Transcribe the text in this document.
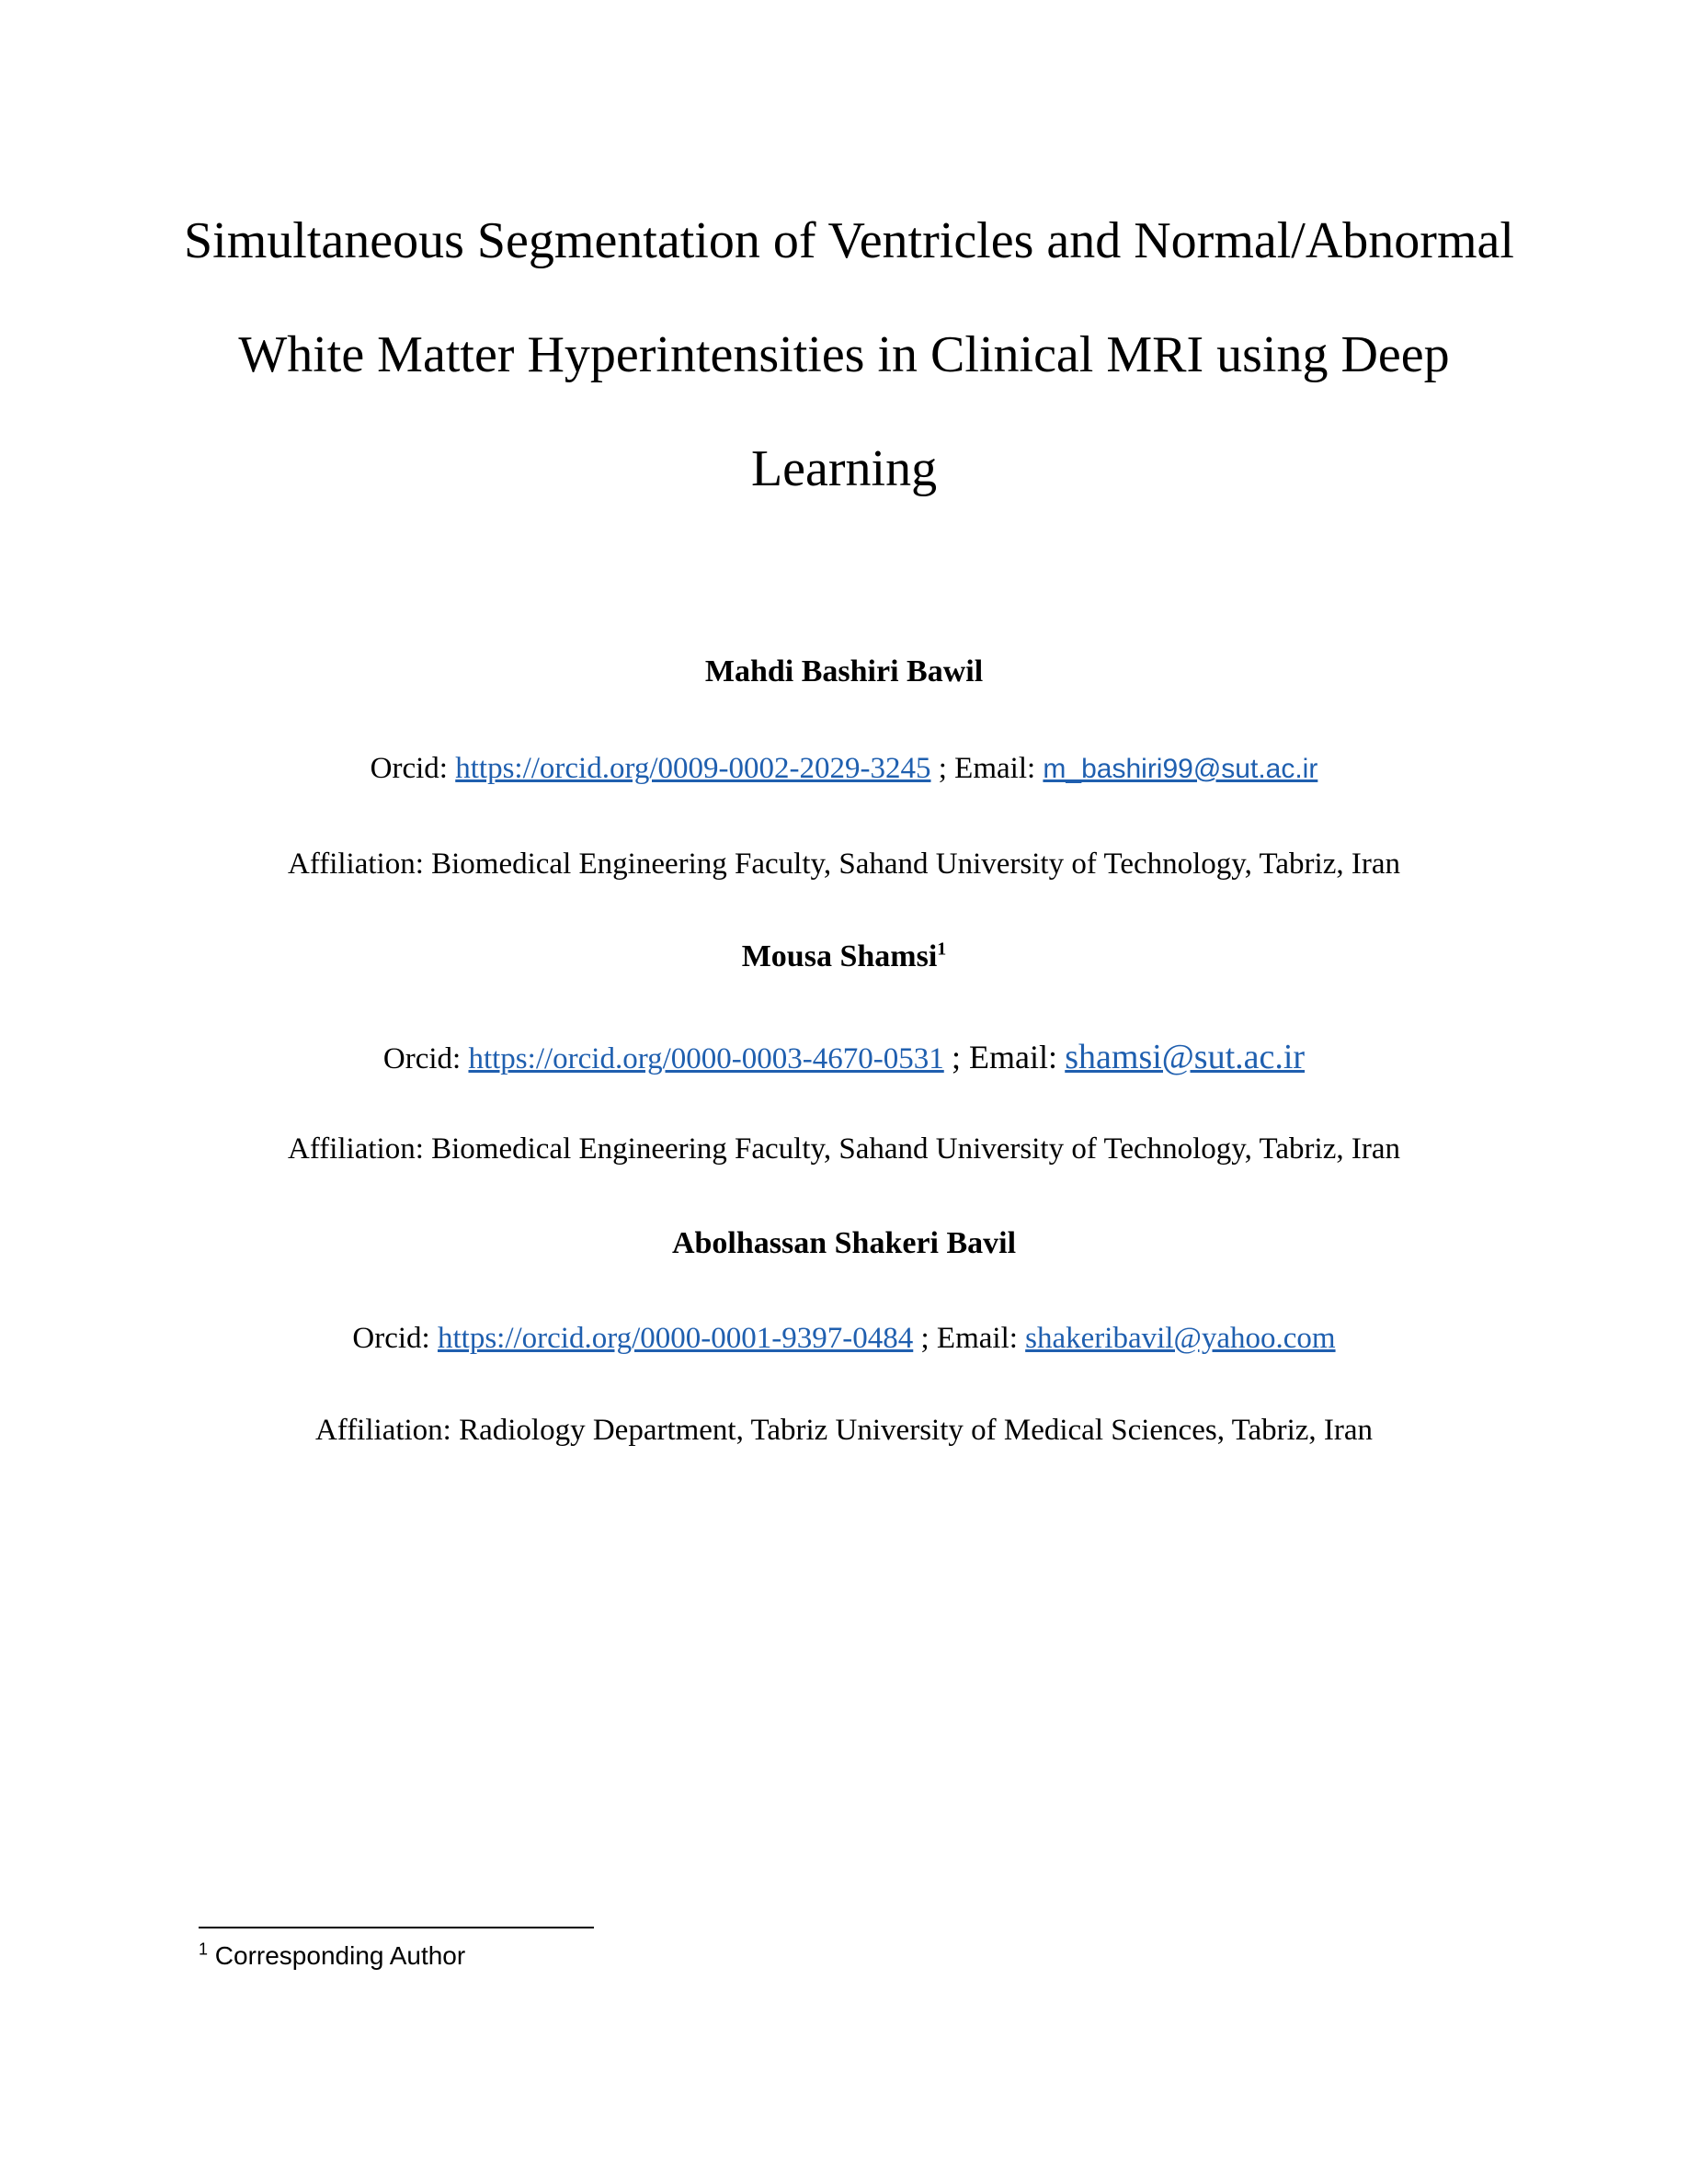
Simultaneous Segmentation of Ventricles and Normal/Abnormal
White Matter Hyperintensities in Clinical MRI using Deep
Learning
Mahdi Bashiri Bawil
Orcid: https://orcid.org/0009-0002-2029-3245 ; Email: m_bashiri99@sut.ac.ir
Affiliation: Biomedical Engineering Faculty, Sahand University of Technology, Tabriz, Iran
Mousa Shamsi$^1$
Orcid: https://orcid.org/0000-0003-4670-0531 ; Email: shamsi@sut.ac.ir
Affiliation: Biomedical Engineering Faculty, Sahand University of Technology, Tabriz, Iran
Abolhassan Shakeri Bavil
Orcid: https://orcid.org/0000-0001-9397-0484 ; Email: shakeribavil@yahoo.com
Affiliation: Radiology Department, Tabriz University of Medical Sciences, Tabriz, Iran
$^1$ Corresponding Author
